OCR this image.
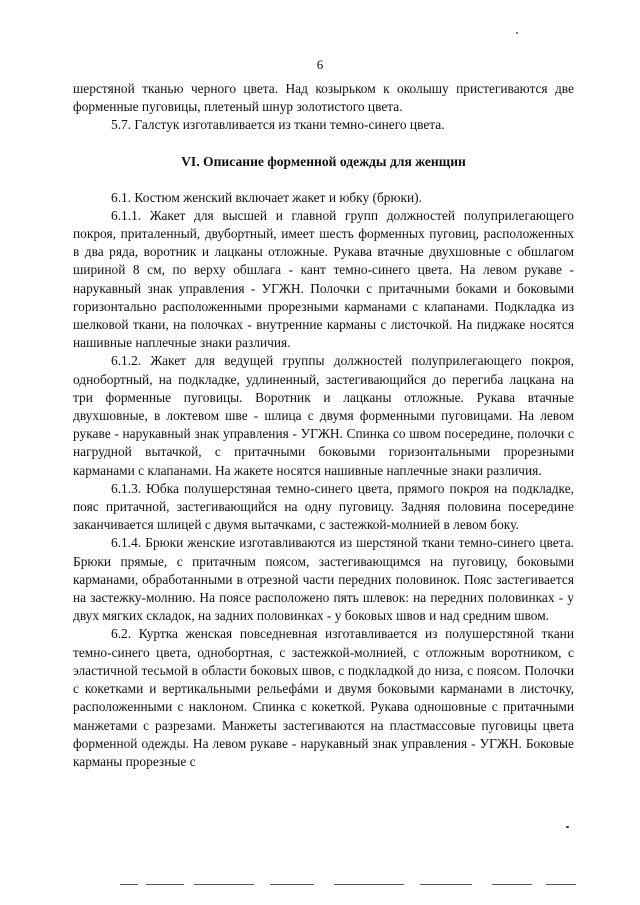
6

шерстяной тканью черного цвета. Над козырьком к околышу пристегиваются две форменные пуговицы, плетеный шнур золотистого цвета.

5.7. Галстук изготавливается из ткани темно-синего цвета.

VI. Описание форменной одежды для женщин

6.1. Костюм женский включает жакет и юбку (брюки).

6.1.1. Жакет для высшей и главной групп должностей полуприлегающего покроя, приталенный, двубортный, имеет шесть форменных пуговиц, расположенных в два ряда, воротник и лацканы отложные. Рукава втачные двухшовные с обшлагом шириной 8 см, по верху обшлага - кант темно-синего цвета. На левом рукаве - нарукавный знак управления - УГЖН. Полочки с притачными боками и боковыми горизонтально расположенными прорезными карманами с клапанами. Подкладка из шелковой ткани, на полочках - внутренние карманы с листочкой. На пиджаке носятся нашивные наплечные знаки различия.

6.1.2. Жакет для ведущей группы должностей полуприлегающего покроя, однобортный, на подкладке, удлиненный, застегивающийся до перегиба лацкана на три форменные пуговицы. Воротник и лацканы отложные. Рукава втачные двухшовные, в локтевом шве - шлица с двумя форменными пуговицами. На левом рукаве - нарукавный знак управления - УГЖН. Спинка со швом посередине, полочки с нагрудной вытачкой, с притачными боковыми горизонтальными прорезными карманами с клапанами. На жакете носятся нашивные наплечные знаки различия.

6.1.3. Юбка полушерстяная темно-синего цвета, прямого покроя на подкладке, пояс притачной, застегивающийся на одну пуговицу. Задняя половина посередине заканчивается шлицей с двумя вытачками, с застежкой-молнией в левом боку.

6.1.4. Брюки женские изготавливаются из шерстяной ткани темно-синего цвета. Брюки прямые, с притачным поясом, застегивающимся на пуговицу, боковыми карманами, обработанными в отрезной части передних половинок. Пояс застегивается на застежку-молнию. На поясе расположено пять шлевок: на передних половинках - у двух мягких складок, на задних половинках - у боковых швов и над средним швом.

6.2. Куртка женская повседневная изготавливается из полушерстяной ткани темно-синего цвета, однобортная, с застежкой-молнией, с отложным воротником, с эластичной тесьмой в области боковых швов, с подкладкой до низа, с поясом. Полочки с кокетками и вертикальными рельефáми и двумя боковыми карманами в листочку, расположенными с наклоном. Спинка с кокеткой. Рукава одношовные с притачными манжетами с разрезами. Манжеты застегиваются на пластмассовые пуговицы цвета форменной одежды. На левом рукаве - нарукавный знак управления - УГЖН. Боковые карманы прорезные с
